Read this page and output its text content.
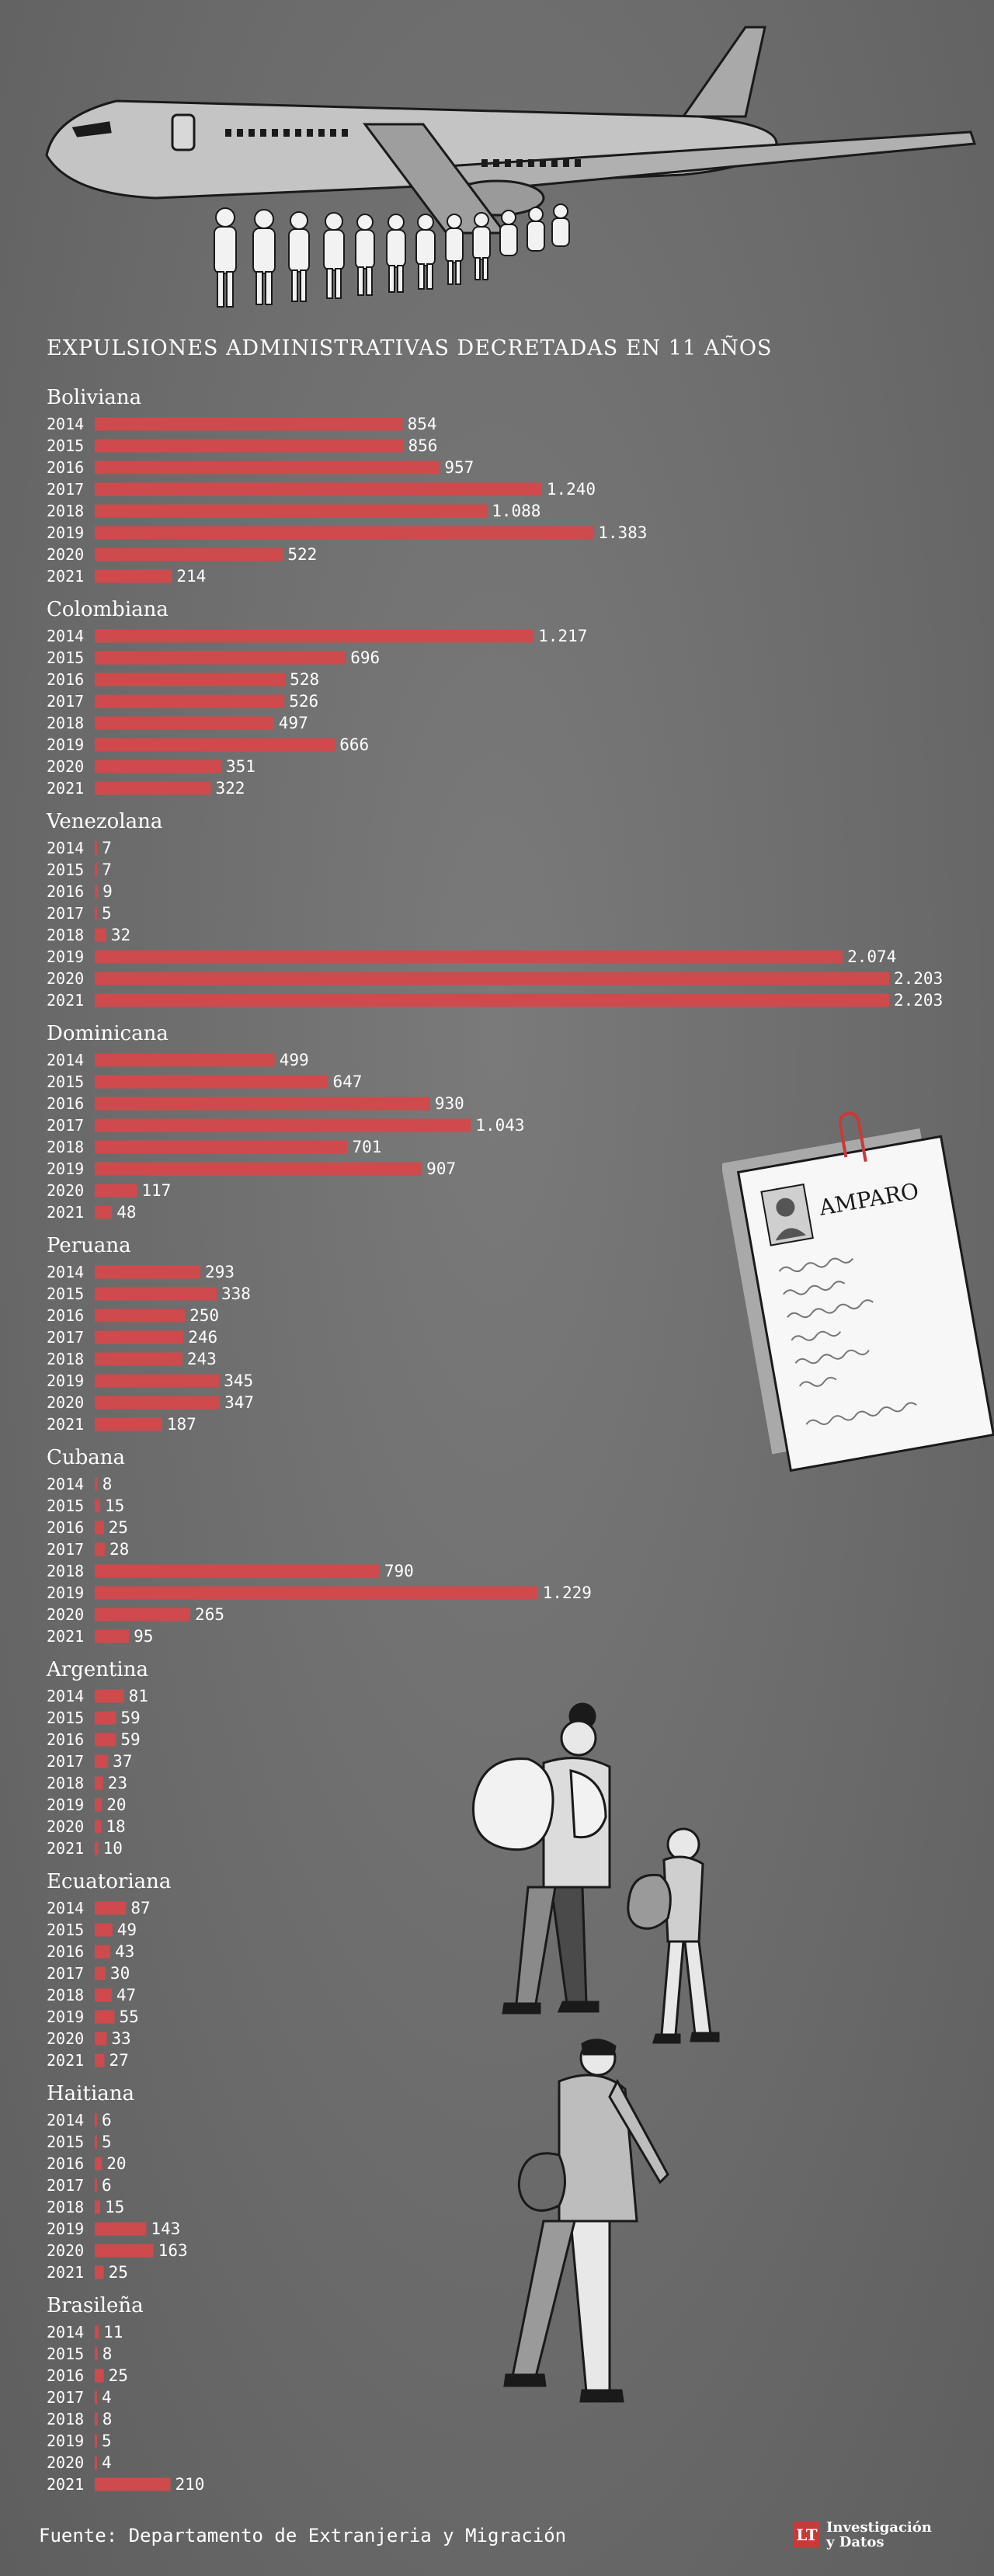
EXPULSIONES ADMINISTRATIVAS DECRETADAS EN 11 AÑOS
Boliviana
2014	854
2015	856
2016	957
2017	1.240
2018	1.088
2019	1.383
2020	522
2021	214
Colombiana
2014	1.217
2015	696
2016	528
2017	526
2018	497
2019	666
2020	351
2021	322
Venezolana
2014 7
2015 7
2016 9
2017 5
2018 32
2019	2.074
2020	2.203
2021	2.203
Dominicana
2014	499
2015	647
2016	930
2017	1.043
2018	701
2019	907
2020	117
2021 48
Peruana
2014	293
2015	338
2016	250
2017	246
2018	243
2019	345
2020	347
2021	187
Cubana
2014 8
2015 15
2016 25
2017 28
2018	790
2019	1.229
2020	265
2021	95
Argentina
2014	81
2015 59
2016 59
2017 37
2018 23
2019 20
2020 18
2021 10
Ecuatoriana
2014	87
2015 49
2016 43
2017 30
2018 47
2019 55
2020 33
2021 27
Haitiana
2014 6
2015 5
2016 20
2017 6
2018 15
2019	143
2020	163
2021 25
Brasileña
2014 11
2015 8
2016 25
2017 4
2018 8
2019 5
2020 4
2021	210
AMPARO
Fuente: Departamento de Extranjeria y Migración	LT Investigación
y Datos
